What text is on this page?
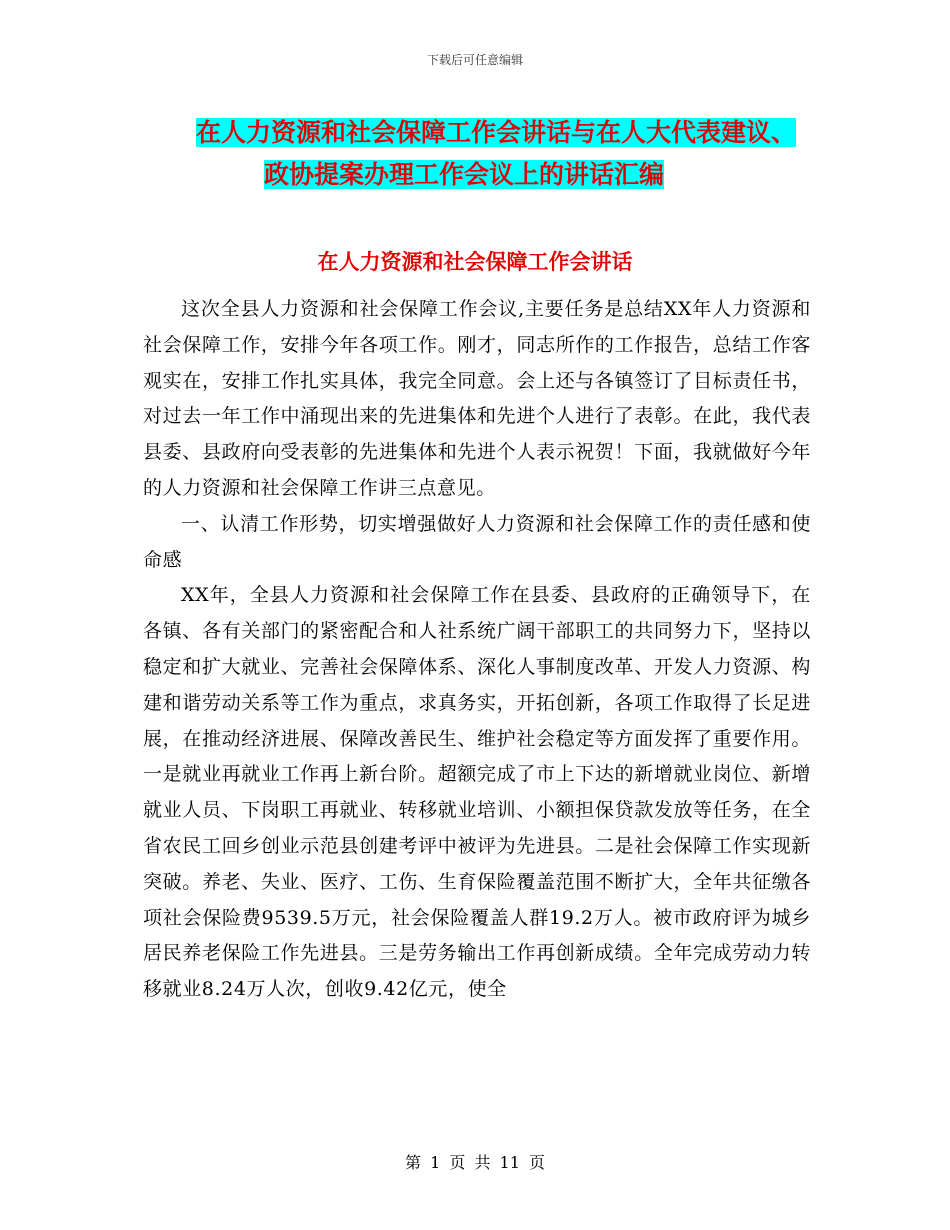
下载后可任意编辑
在人力资源和社会保障工作会讲话与在人大代表建议、
政协提案办理工作会议上的讲话汇编
在人力资源和社会保障工作会讲话

这次全县人力资源和社会保障工作会议,主要任务是总结XX年人力资源和社会保障工作，安排今年各项工作。刚才，同志所作的工作报告，总结工作客观实在，安排工作扎实具体，我完全同意。会上还与各镇签订了目标责任书，对过去一年工作中涌现出来的先进集体和先进个人进行了表彰。在此，我代表县委、县政府向受表彰的先进集体和先进个人表示祝贺！下面，我就做好今年的人力资源和社会保障工作讲三点意见。

一、认清工作形势，切实增强做好人力资源和社会保障工作的责任感和使命感

XX年，全县人力资源和社会保障工作在县委、县政府的正确领导下，在各镇、各有关部门的紧密配合和人社系统广阔干部职工的共同努力下，坚持以稳定和扩大就业、完善社会保障体系、深化人事制度改革、开发人力资源、构建和谐劳动关系等工作为重点，求真务实，开拓创新，各项工作取得了长足进展，在推动经济进展、保障改善民生、维护社会稳定等方面发挥了重要作用。一是就业再就业工作再上新台阶。超额完成了市上下达的新增就业岗位、新增就业人员、下岗职工再就业、转移就业培训、小额担保贷款发放等任务，在全省农民工回乡创业示范县创建考评中被评为先进县。二是社会保障工作实现新突破。养老、失业、医疗、工伤、生育保险覆盖范围不断扩大，全年共征缴各项社会保险费9539.5万元，社会保险覆盖人群19.2万人。被市政府评为城乡居民养老保险工作先进县。三是劳务输出工作再创新成绩。全年完成劳动力转移就业8.24万人次，创收9.42亿元，使全

第 1 页 共 11 页
